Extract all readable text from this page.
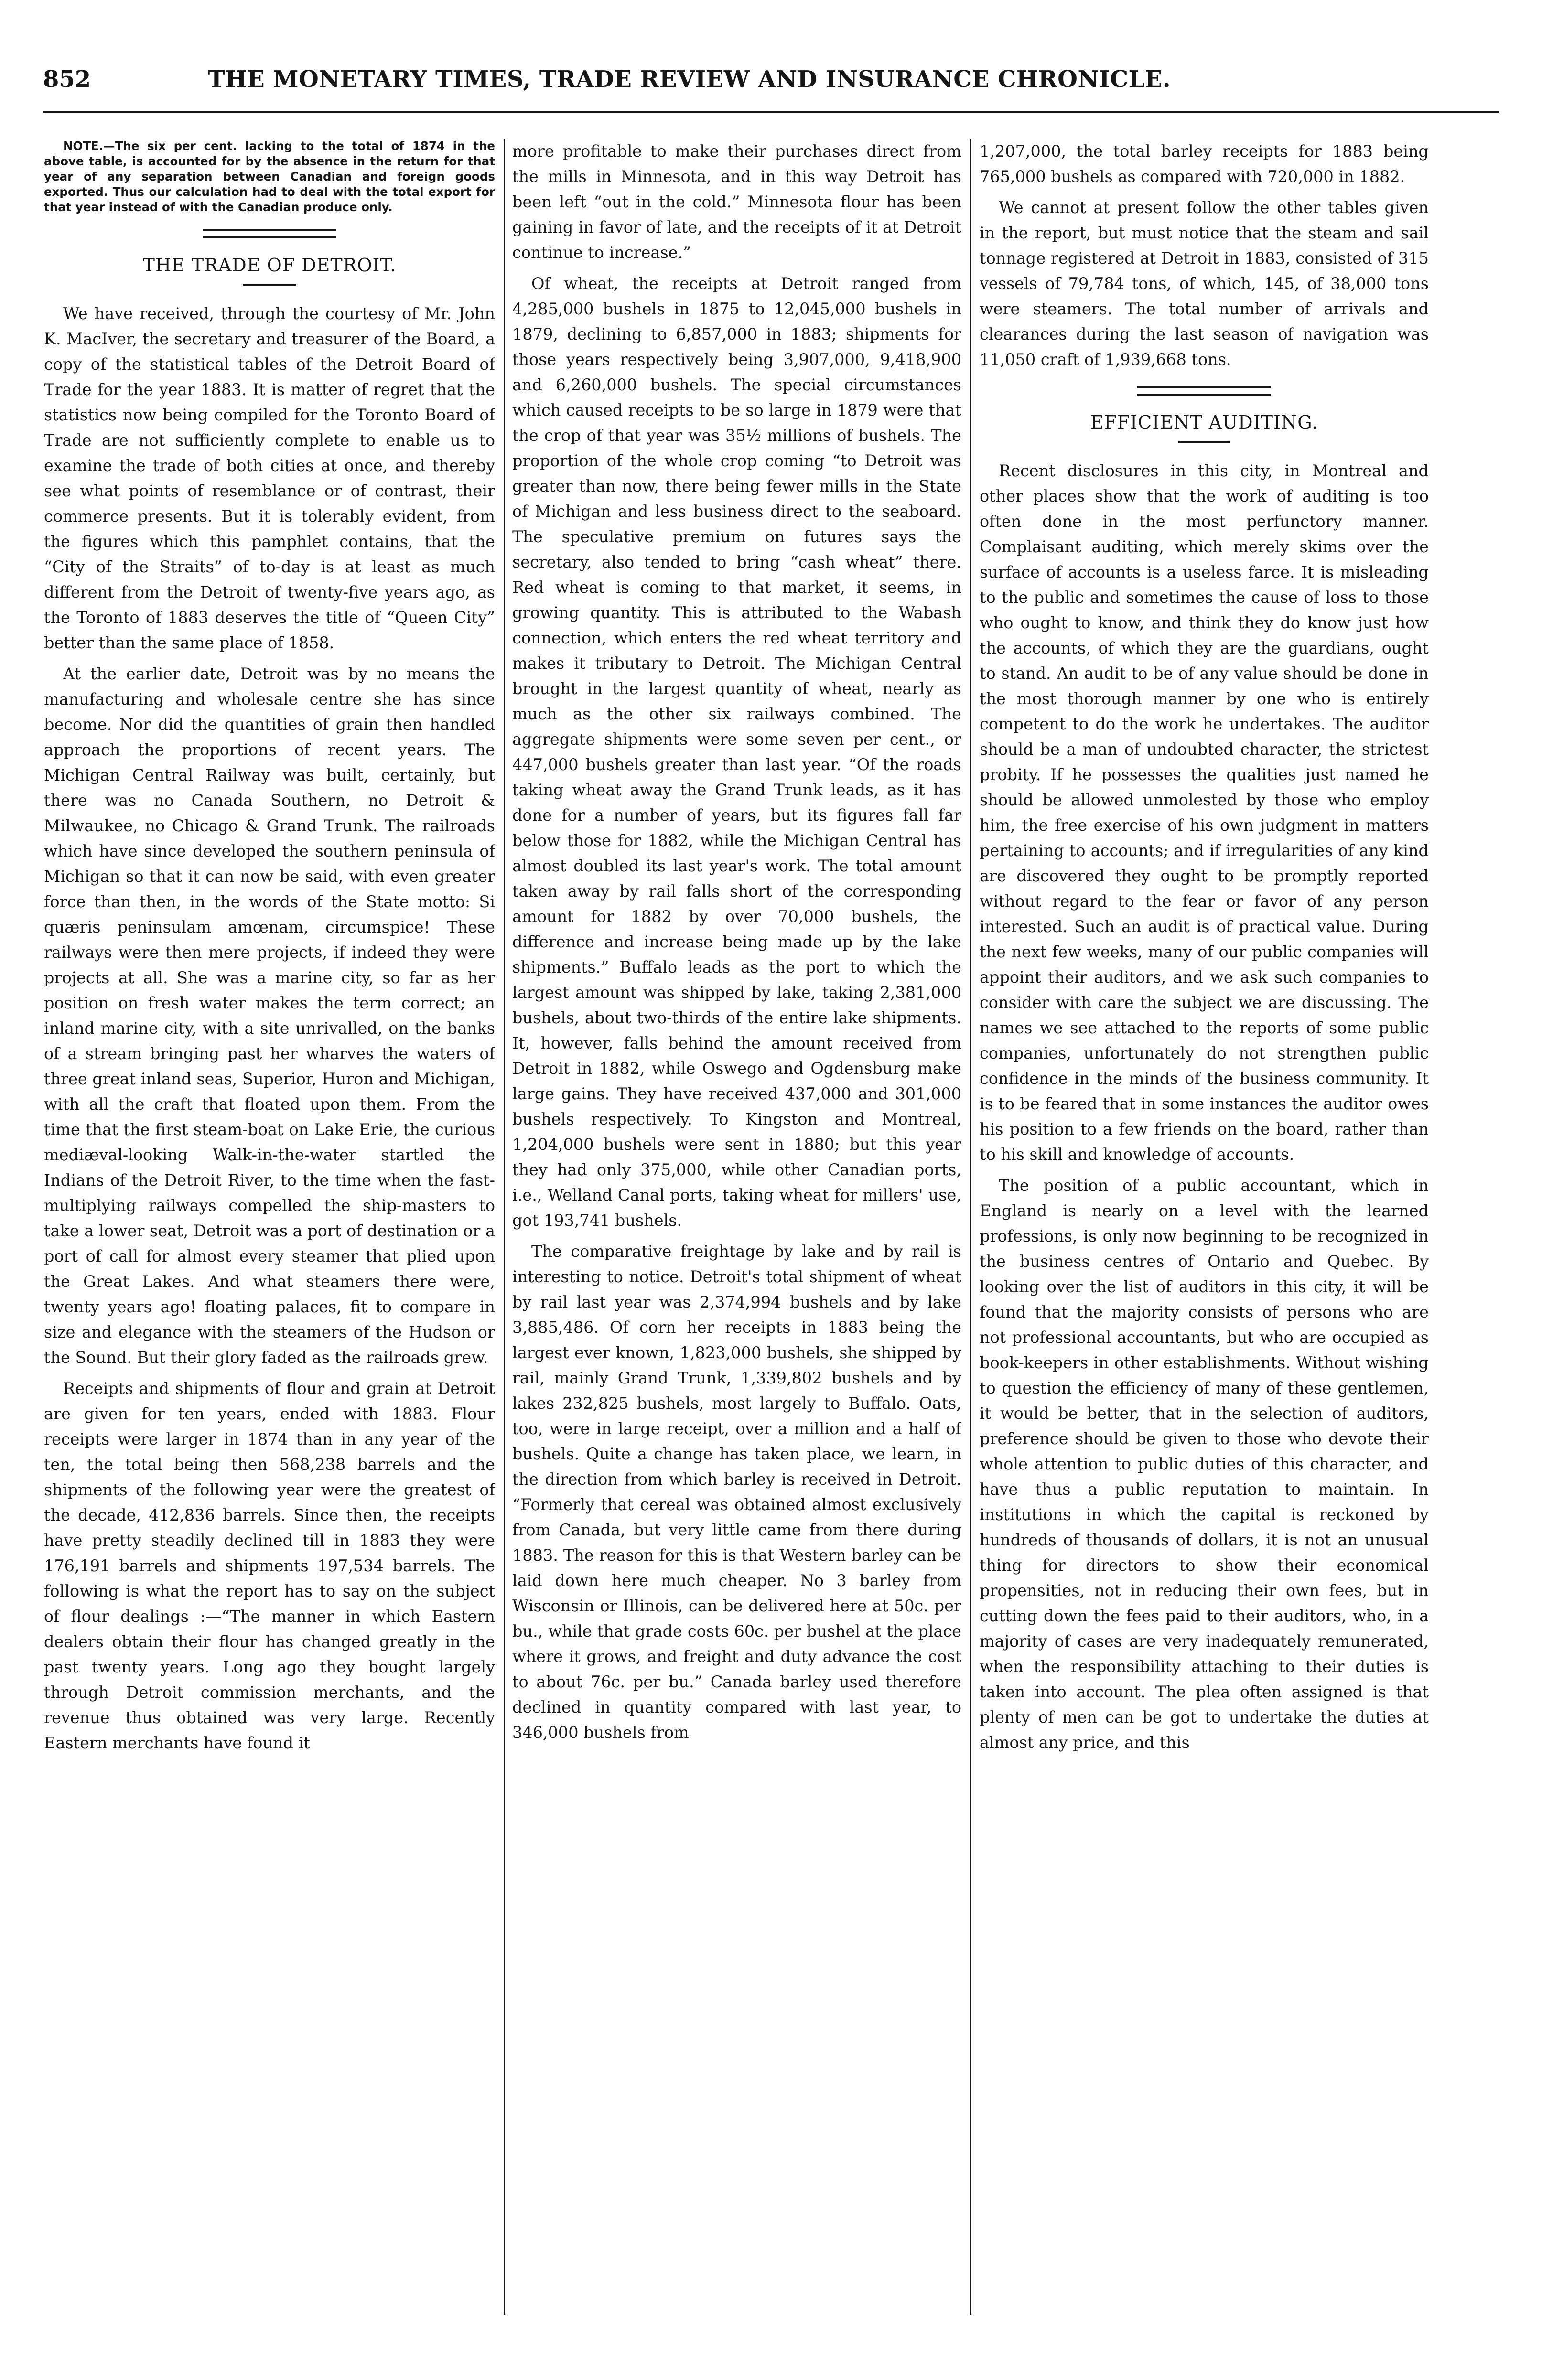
852	THE MONETARY TIMES, TRADE REVIEW AND INSURANCE CHRONICLE.

NOTE.—The six per cent. lacking to the total of 1874 in the above table, is accounted for by the absence in the return for that year of any separation between Canadian and foreign goods exported. Thus our calculation had to deal with the total export for that year instead of with the Canadian produce only.

THE TRADE OF DETROIT.

We have received, through the courtesy of Mr. John K. MacIver, the secretary and treasurer of the Board, a copy of the statistical tables of the Detroit Board of Trade for the year 1883. It is matter of regret that the statistics now being compiled for the Toronto Board of Trade are not sufficiently complete to enable us to examine the trade of both cities at once, and thereby see what points of resemblance or of contrast, their commerce presents. But it is tolerably evident, from the figures which this pamphlet contains, that the “City of the Straits” of to-day is at least as much different from the Detroit of twenty-five years ago, as the Toronto of 1883 deserves the title of “Queen City” better than the same place of 1858.

At the earlier date, Detroit was by no means the manufacturing and wholesale centre she has since become. Nor did the quantities of grain then handled approach the proportions of recent years. The Michigan Central Railway was built, certainly, but there was no Canada Southern, no Detroit & Milwaukee, no Chicago & Grand Trunk. The railroads which have since developed the southern peninsula of Michigan so that it can now be said, with even greater force than then, in the words of the State motto: Si quæris peninsulam amœnam, circumspice! These railways were then mere projects, if indeed they were projects at all. She was a marine city, so far as her position on fresh water makes the term correct; an inland marine city, with a site unrivalled, on the banks of a stream bringing past her wharves the waters of three great inland seas, Superior, Huron and Michigan, with all the craft that floated upon them. From the time that the first steam-boat on Lake Erie, the curious mediæval-looking Walk-in-the-water startled the Indians of the Detroit River, to the time when the fast-multiplying railways compelled the ship-masters to take a lower seat, Detroit was a port of destination or a port of call for almost every steamer that plied upon the Great Lakes. And what steamers there were, twenty years ago! floating palaces, fit to compare in size and elegance with the steamers of the Hudson or the Sound. But their glory faded as the railroads grew.

Receipts and shipments of flour and grain at Detroit are given for ten years, ended with 1883. Flour receipts were larger in 1874 than in any year of the ten, the total being then 568,238 barrels and the shipments of the following year were the greatest of the decade, 412,836 barrels. Since then, the receipts have pretty steadily declined till in 1883 they were 176,191 barrels and shipments 197,534 barrels. The following is what the report has to say on the subject of flour dealings :—“The manner in which Eastern dealers obtain their flour has changed greatly in the past twenty years. Long ago they bought largely through Detroit commission merchants, and the revenue thus obtained was very large. Recently Eastern merchants have found it

more profitable to make their purchases direct from the mills in Minnesota, and in this way Detroit has been left “out in the cold.” Minnesota flour has been gaining in favor of late, and the receipts of it at Detroit continue to increase.”

Of wheat, the receipts at Detroit ranged from 4,285,000 bushels in 1875 to 12,045,000 bushels in 1879, declining to 6,857,000 in 1883; shipments for those years respectively being 3,907,000, 9,418,900 and 6,260,000 bushels. The special circumstances which caused receipts to be so large in 1879 were that the crop of that year was 35½ millions of bushels. The proportion of the whole crop coming “to Detroit was greater than now, there being fewer mills in the State of Michigan and less business direct to the seaboard. The speculative premium on futures says the secretary, also tended to bring “cash wheat” there. Red wheat is coming to that market, it seems, in growing quantity. This is attributed to the Wabash connection, which enters the red wheat territory and makes it tributary to Detroit. The Michigan Central brought in the largest quantity of wheat, nearly as much as the other six railways combined. The aggregate shipments were some seven per cent., or 447,000 bushels greater than last year. “Of the roads taking wheat away the Grand Trunk leads, as it has done for a number of years, but its figures fall far below those for 1882, while the Michigan Central has almost doubled its last year's work. The total amount taken away by rail falls short of the corresponding amount for 1882 by over 70,000 bushels, the difference and increase being made up by the lake shipments.” Buffalo leads as the port to which the largest amount was shipped by lake, taking 2,381,000 bushels, about two-thirds of the entire lake shipments. It, however, falls behind the amount received from Detroit in 1882, while Oswego and Ogdensburg make large gains. They have received 437,000 and 301,000 bushels respectively. To Kingston and Montreal, 1,204,000 bushels were sent in 1880; but this year they had only 375,000, while other Canadian ports, i.e., Welland Canal ports, taking wheat for millers' use, got 193,741 bushels.

The comparative freightage by lake and by rail is interesting to notice. Detroit's total shipment of wheat by rail last year was 2,374,994 bushels and by lake 3,885,486. Of corn her receipts in 1883 being the largest ever known, 1,823,000 bushels, she shipped by rail, mainly Grand Trunk, 1,339,802 bushels and by lakes 232,825 bushels, most largely to Buffalo. Oats, too, were in large receipt, over a million and a half of bushels. Quite a change has taken place, we learn, in the direction from which barley is received in Detroit. “Formerly that cereal was obtained almost exclusively from Canada, but very little came from there during 1883. The reason for this is that Western barley can be laid down here much cheaper. No 3 barley from Wisconsin or Illinois, can be delivered here at 50c. per bu., while that grade costs 60c. per bushel at the place where it grows, and freight and duty advance the cost to about 76c. per bu.” Canada barley used therefore declined in quantity compared with last year, to 346,000 bushels from

1,207,000, the total barley receipts for 1883 being 765,000 bushels as compared with 720,000 in 1882.

We cannot at present follow the other tables given in the report, but must notice that the steam and sail tonnage registered at Detroit in 1883, consisted of 315 vessels of 79,784 tons, of which, 145, of 38,000 tons were steamers. The total number of arrivals and clearances during the last season of navigation was 11,050 craft of 1,939,668 tons.

EFFICIENT AUDITING.

Recent disclosures in this city, in Montreal and other places show that the work of auditing is too often done in the most perfunctory manner. Complaisant auditing, which merely skims over the surface of accounts is a useless farce. It is misleading to the public and sometimes the cause of loss to those who ought to know, and think they do know just how the accounts, of which they are the guardians, ought to stand. An audit to be of any value should be done in the most thorough manner by one who is entirely competent to do the work he undertakes. The auditor should be a man of undoubted character, the strictest probity. If he possesses the qualities just named he should be allowed unmolested by those who employ him, the free exercise of his own judgment in matters pertaining to accounts; and if irregularities of any kind are discovered they ought to be promptly reported without regard to the fear or favor of any person interested. Such an audit is of practical value. During the next few weeks, many of our public companies will appoint their auditors, and we ask such companies to consider with care the subject we are discussing. The names we see attached to the reports of some public companies, unfortunately do not strengthen public confidence in the minds of the business community. It is to be feared that in some instances the auditor owes his position to a few friends on the board, rather than to his skill and knowledge of accounts.

The position of a public accountant, which in England is nearly on a level with the learned professions, is only now beginning to be recognized in the business centres of Ontario and Quebec. By looking over the list of auditors in this city, it will be found that the majority consists of persons who are not professional accountants, but who are occupied as book-keepers in other establishments. Without wishing to question the efficiency of many of these gentlemen, it would be better, that in the selection of auditors, preference should be given to those who devote their whole attention to public duties of this character, and have thus a public reputation to maintain. In institutions in which the capital is reckoned by hundreds of thousands of dollars, it is not an unusual thing for directors to show their economical propensities, not in reducing their own fees, but in cutting down the fees paid to their auditors, who, in a majority of cases are very inadequately remunerated, when the responsibility attaching to their duties is taken into account. The plea often assigned is that plenty of men can be got to undertake the duties at almost any price, and this
